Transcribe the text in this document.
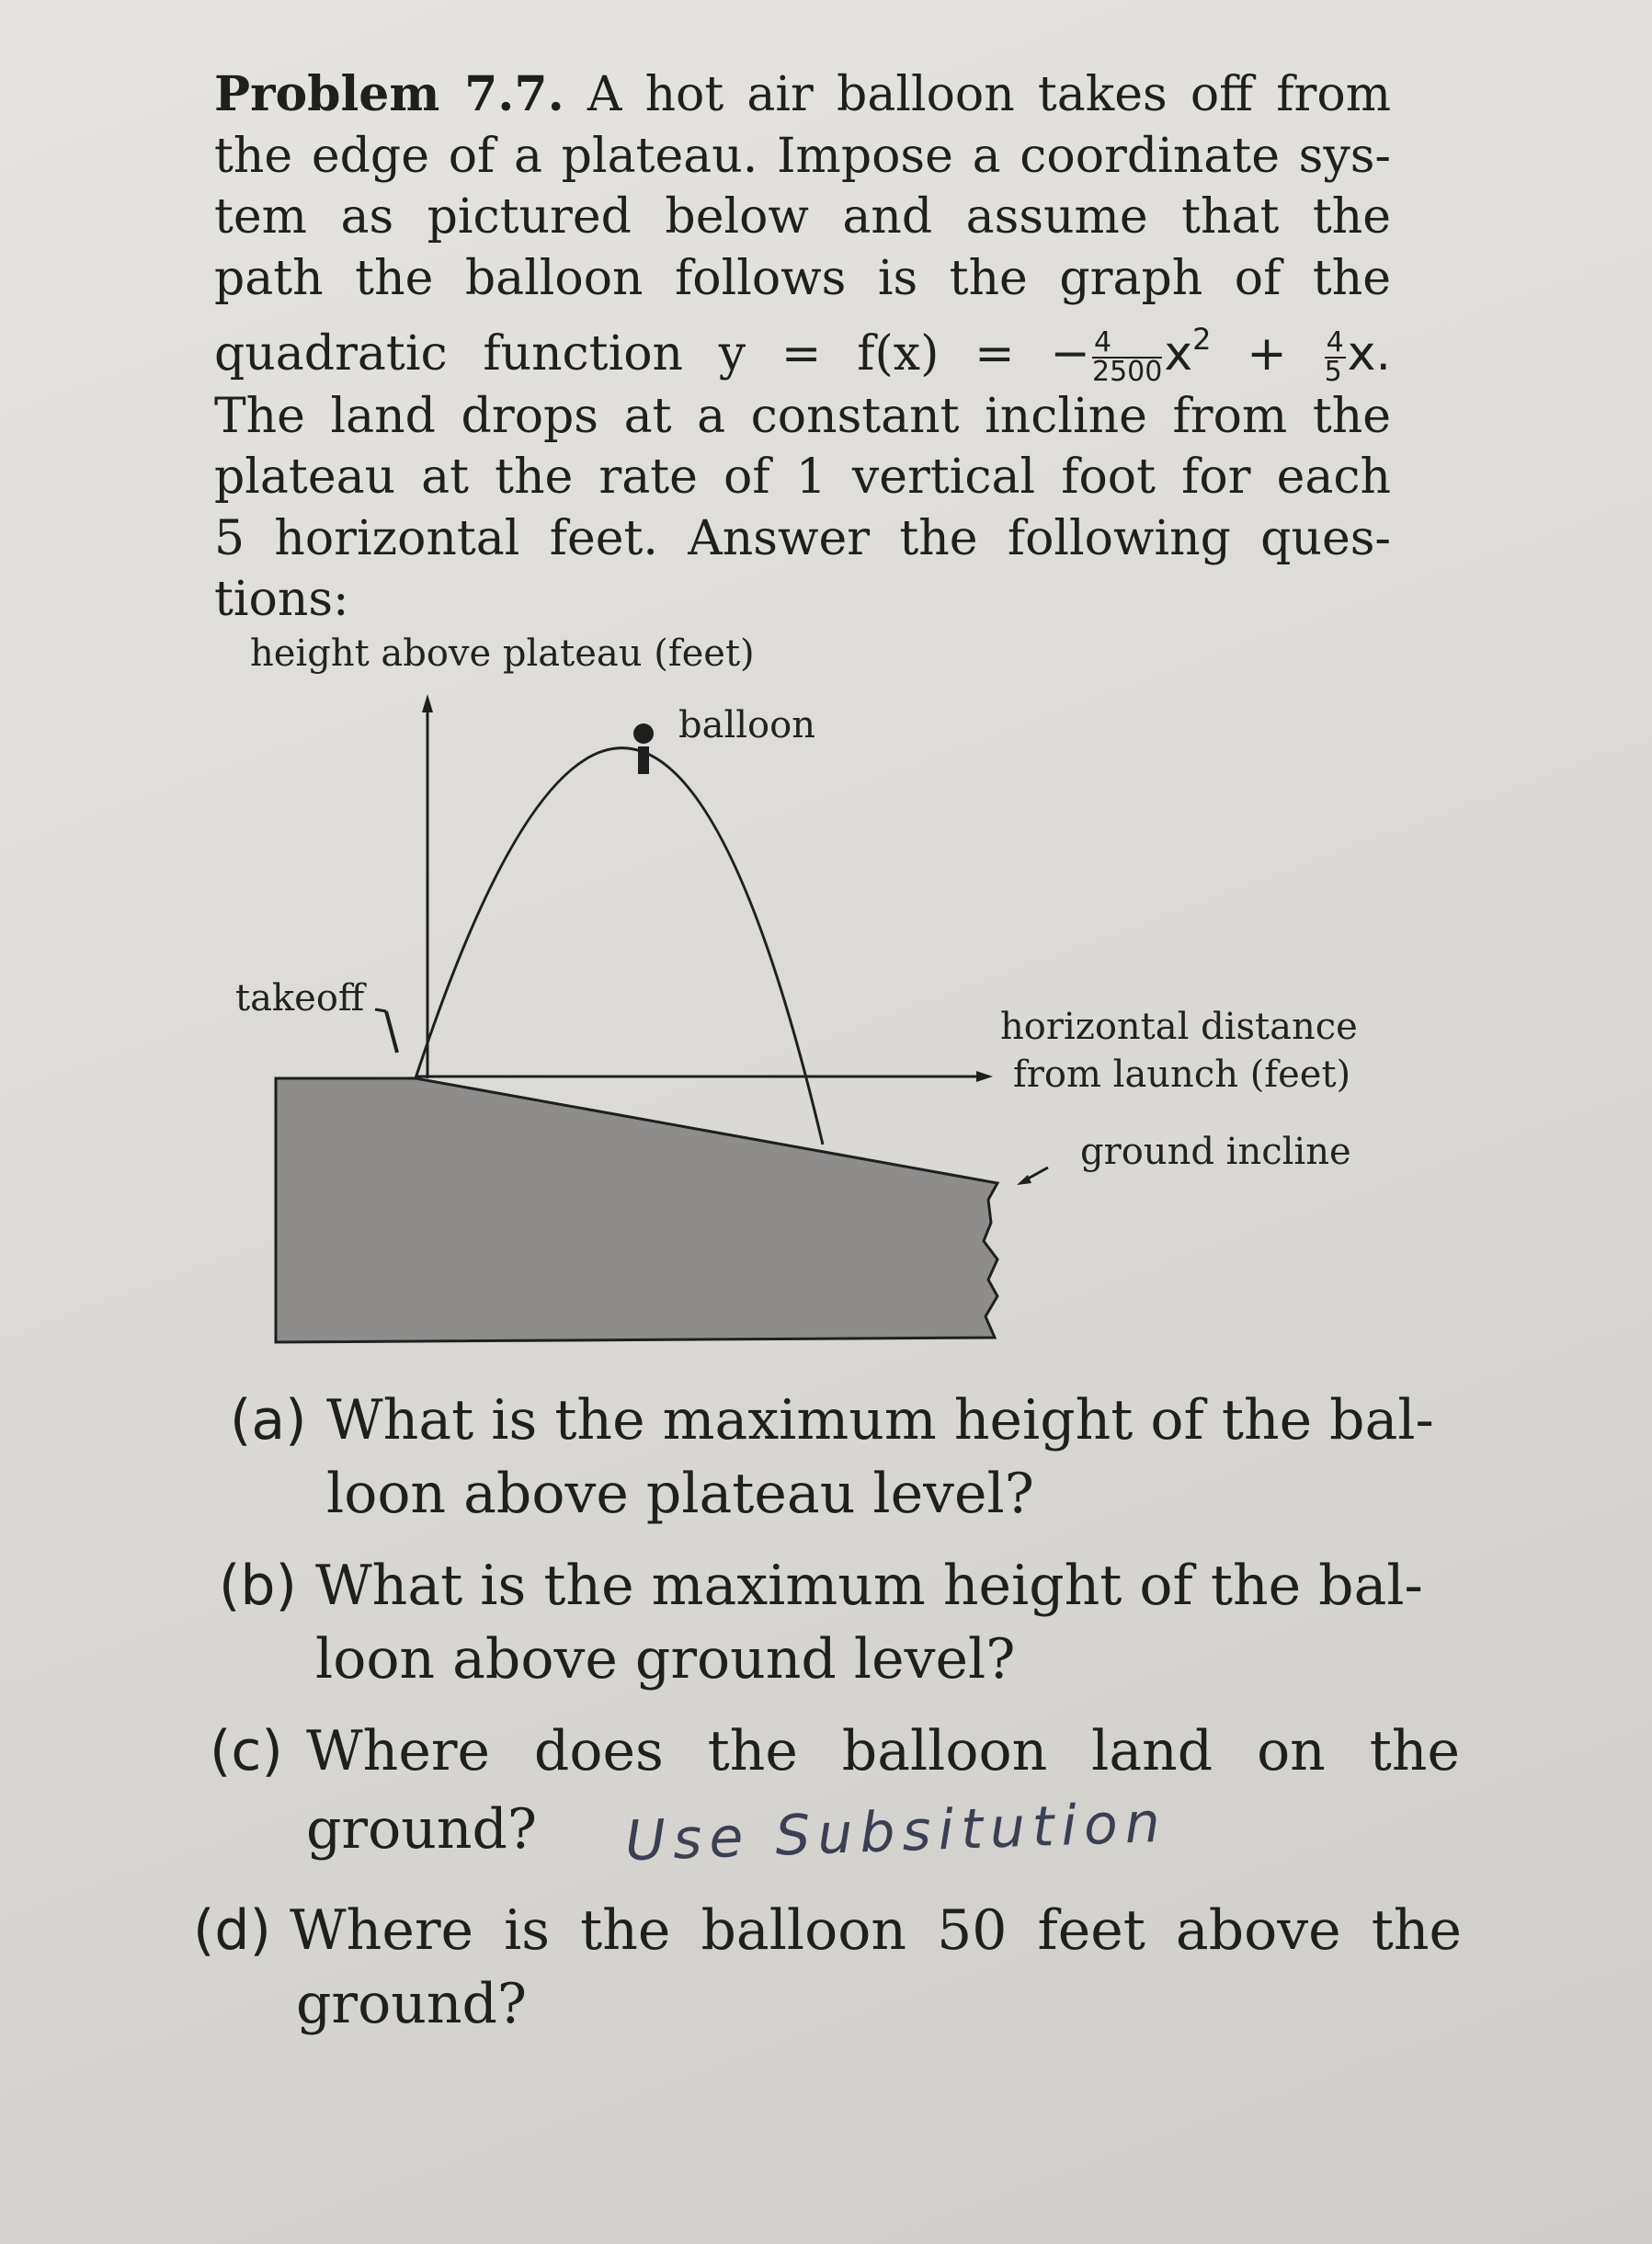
Problem 7.7. A hot air balloon takes off from
the edge of a plateau. Impose a coordinate sys-
tem as pictured below and assume that the
path the balloon follows is the graph of the
quadratic function y = f(x) = − $\frac{4}{2500} x^2 + \frac{4}{5} x$.
The land drops at a constant incline from the
plateau at the rate of 1 vertical foot for each
5 horizontal feet. Answer the following ques-
tions:
height above plateau (feet)
balloon
takeoff
horizontal distance
from launch (feet)
ground incline
(a) What is the maximum height of the bal-
loon above plateau level?
(b) What is the maximum height of the bal-
loon above ground level?
(c) Where does the balloon land on the
ground?
(d) Where is the balloon 50 feet above the
ground?
Use Subsitution
